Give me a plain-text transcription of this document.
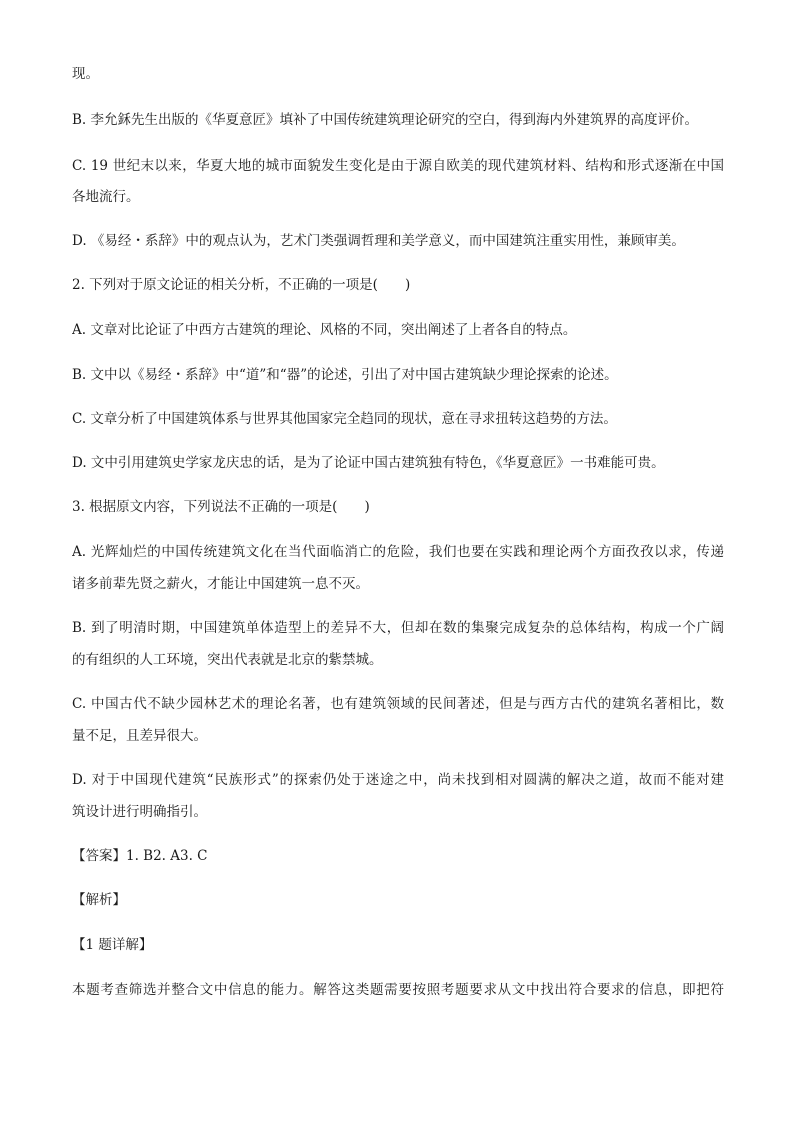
现。
B. 李允鉌先生出版的《华夏意匠》填补了中国传统建筑理论研究的空白，得到海内外建筑界的高度评价。
C. 19 世纪末以来，华夏大地的城市面貌发生变化是由于源自欧美的现代建筑材料、结构和形式逐渐在中国
各地流行。
D. 《易经・系辞》中的观点认为，艺术门类强调哲理和美学意义，而中国建筑注重实用性，兼顾审美。
2. 下列对于原文论证的相关分析，不正确的一项是(　　)
A. 文章对比论证了中西方古建筑的理论、风格的不同，突出阐述了上者各自的特点。
B. 文中以《易经・系辞》中“道”和“器”的论述，引出了对中国古建筑缺少理论探索的论述。
C. 文章分析了中国建筑体系与世界其他国家完全趋同的现状，意在寻求扭转这趋势的方法。
D. 文中引用建筑史学家龙庆忠的话，是为了论证中国古建筑独有特色，《华夏意匠》一书难能可贵。
3. 根据原文内容，下列说法不正确的一项是(　　)
A. 光辉灿烂的中国传统建筑文化在当代面临消亡的危险，我们也要在实践和理论两个方面孜孜以求，传递
诸多前辈先贤之薪火，才能让中国建筑一息不灭。
B. 到了明清时期，中国建筑单体造型上的差异不大，但却在数的集聚完成复杂的总体结构，构成一个广阔
的有组织的人工环境，突出代表就是北京的紫禁城。
C. 中国古代不缺少园林艺术的理论名著，也有建筑领域的民间著述，但是与西方古代的建筑名著相比，数
量不足，且差异很大。
D. 对于中国现代建筑“民族形式”的探索仍处于迷途之中，尚未找到相对圆满的解决之道，故而不能对建
筑设计进行明确指引。
【答案】1. B2. A3. C
【解析】
【1 题详解】
本题考查筛选并整合文中信息的能力。解答这类题需要按照考题要求从文中找出符合要求的信息，即把符
